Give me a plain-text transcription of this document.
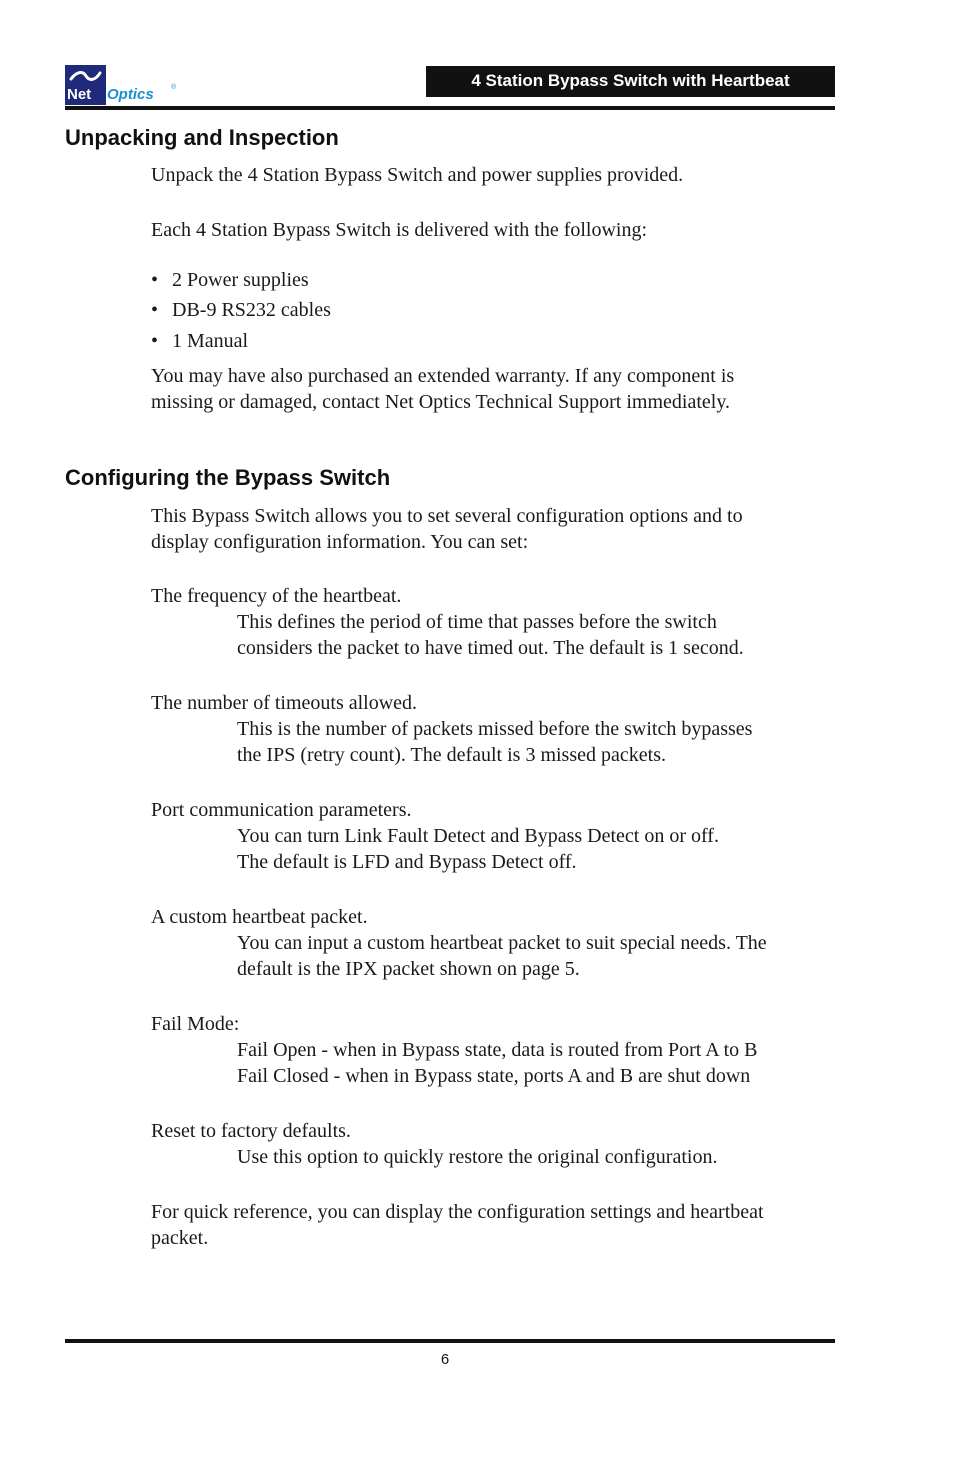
Net Optics ®	4 Station Bypass Switch with Heartbeat
Unpacking and Inspection
Unpack the 4 Station Bypass Switch and power supplies provided.
Each 4 Station Bypass Switch is delivered with the following:
• 2 Power supplies
• DB-9 RS232 cables
• 1 Manual
You may have also purchased an extended warranty. If any component is
missing or damaged, contact Net Optics Technical Support immediately.
Configuring the Bypass Switch
This Bypass Switch allows you to set several configuration options and to
display configuration information. You can set:
The frequency of the heartbeat.
This defines the period of time that passes before the switch
considers the packet to have timed out. The default is 1 second.
The number of timeouts allowed.
This is the number of packets missed before the switch bypasses
the IPS (retry count). The default is 3 missed packets.
Port communication parameters.
You can turn Link Fault Detect and Bypass Detect on or off.
The default is LFD and Bypass Detect off.
A custom heartbeat packet.
You can input a custom heartbeat packet to suit special needs. The
default is the IPX packet shown on page 5.
Fail Mode:
Fail Open - when in Bypass state, data is routed from Port A to B
Fail Closed - when in Bypass state, ports A and B are shut down
Reset to factory defaults.
Use this option to quickly restore the original configuration.
For quick reference, you can display the configuration settings and heartbeat
packet.
6
